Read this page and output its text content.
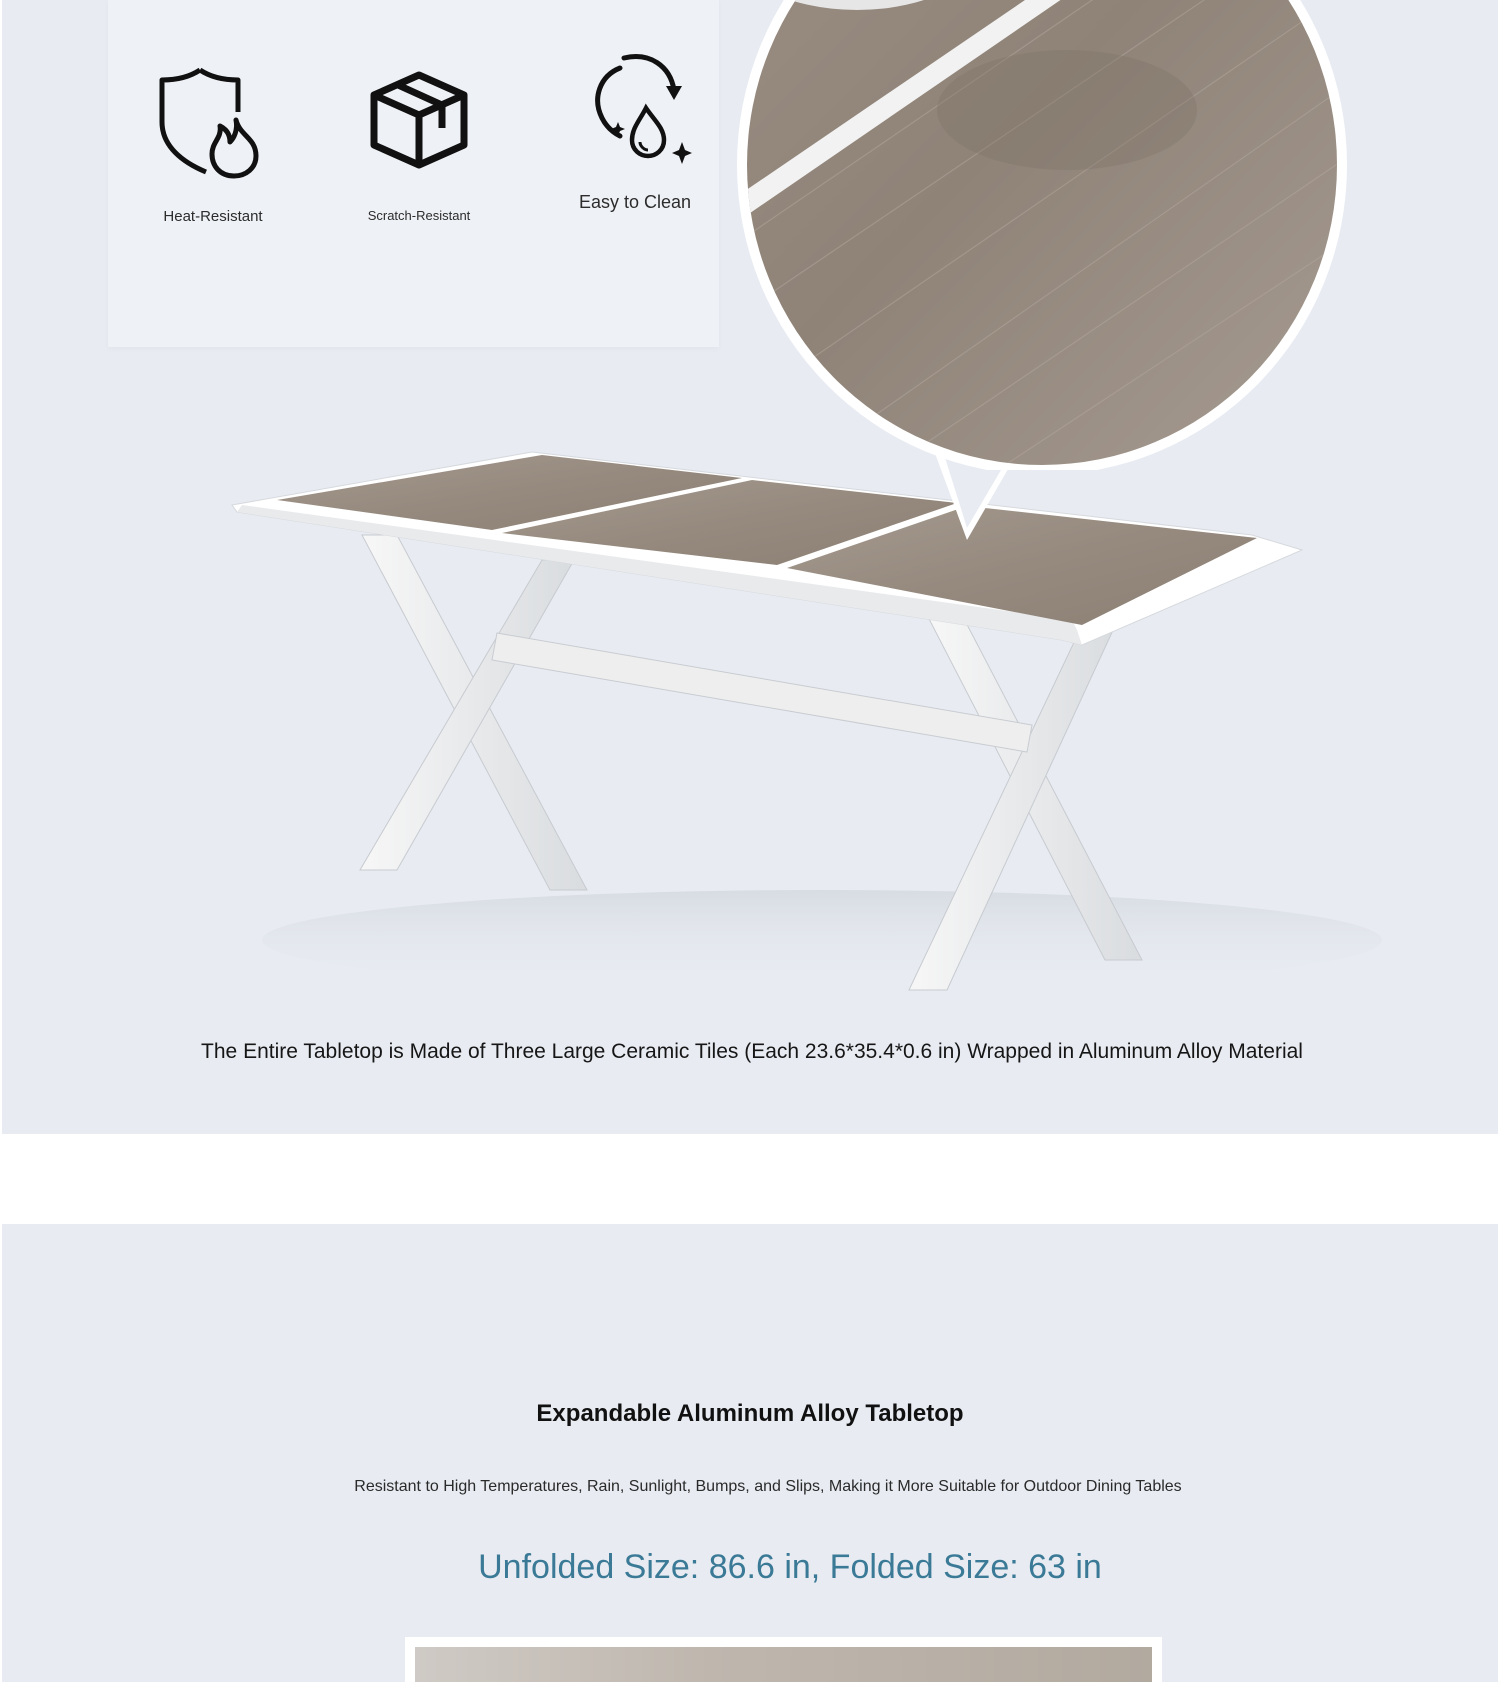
Heat-Resistant	Scratch-Resistant
Easy to Clean
The Entire Tabletop is Made of Three Large Ceramic Tiles (Each 23.6*35.4*0.6 in) Wrapped in Aluminum Alloy Material
Expandable Aluminum Alloy Tabletop
Resistant to High Temperatures, Rain, Sunlight, Bumps, and Slips, Making it More Suitable for Outdoor Dining Tables
Unfolded Size: 86.6 in, Folded Size: 63 in
